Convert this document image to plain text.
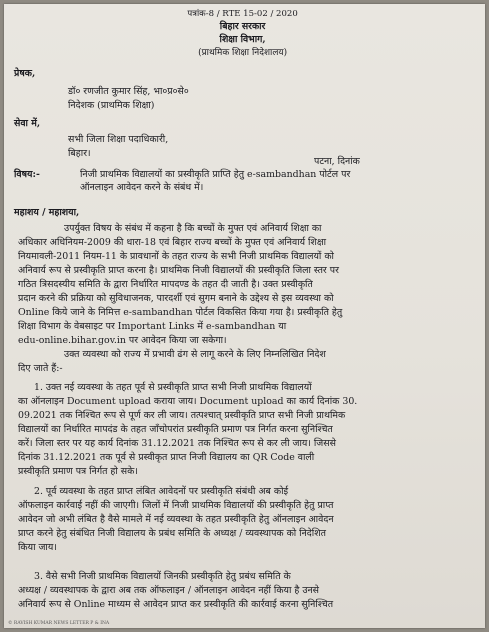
पत्रांक-8 / RTE 15-02 / 2020
बिहार सरकार
शिक्षा विभाग,
(प्राथमिक शिक्षा निदेशालय)
प्रेषक,
डॉ० रणजीत कुमार सिंह, भा०प्र०से०
निदेशक (प्राथमिक शिक्षा)
सेवा में,
सभी जिला शिक्षा पदाधिकारी,
बिहार।
पटना, दिनांक
विषय:-	निजी प्राथमिक विद्यालयों का प्रस्वीकृति प्राप्ति हेतु e-sambandhan पोर्टल पर
ऑनलाइन आवेदन करने के संबंध में।
महाशय / महाशया,
उपर्युक्त विषय के संबंध में कहना है कि बच्चों के मुफ्त एवं अनिवार्य शिक्षा का
अधिकार अधिनियम-2009 की धारा-18 एवं बिहार राज्य बच्चों के मुफ्त एवं अनिवार्य शिक्षा
नियमावली-2011 नियम-11 के प्रावधानों के तहत राज्य के सभी निजी प्राथमिक विद्यालयों को
अनिवार्य रूप से प्रस्वीकृति प्राप्त करना है। प्राथमिक निजी विद्यालयों की प्रस्वीकृति जिला स्तर पर
गठित त्रिसदस्यीय समिति के द्वारा निर्धारित मापदण्ड के तहत दी जाती है। उक्त प्रस्वीकृति
प्रदान करने की प्रक्रिया को सुविधाजनक, पारदर्शी एवं सुगम बनाने के उद्देश्य से इस व्यवस्था को
Online किये जाने के निमित्त e-sambandhan पोर्टल विकसित किया गया है। प्रस्वीकृति हेतु
शिक्षा विभाग के वेबसाइट पर Important Links में e-sambandhan या
edu-online.bihar.gov.in पर आवेदन किया जा सकेगा।
उक्त व्यवस्था को राज्य में प्रभावी ढंग से लागू करने के लिए निम्नलिखित निदेश
दिए जाते हैं:-
1. उक्त नई व्यवस्था के तहत पूर्व से प्रस्वीकृति प्राप्त सभी निजी प्राथमिक विद्यालयों
का ऑनलाइन Document upload कराया जाय। Document upload का कार्य दिनांक 30.
09.2021 तक निश्चित रूप से पूर्ण कर ली जाय। तत्पश्चात् प्रस्वीकृति प्राप्त सभी निजी प्राथमिक
विद्यालयों का निर्धारित मापदंड के तहत जाँचोपरांत प्रस्वीकृति प्रमाण पत्र निर्गत करना सुनिश्चित
करें। जिला स्तर पर यह कार्य दिनांक 31.12.2021 तक निश्चित रूप से कर ली जाय। जिससे
दिनांक 31.12.2021 तक पूर्व से प्रस्वीकृत प्राप्त निजी विद्यालय का QR Code वाली
प्रस्वीकृति प्रमाण पत्र निर्गत हो सके।
2. पूर्व व्यवस्था के तहत प्राप्त लंबित आवेदनों पर प्रस्वीकृति संबंधी अब कोई
ऑफलाइन कार्रवाई नहीं की जाएगी। जिलों में निजी प्राथमिक विद्यालयों की प्रस्वीकृति हेतु प्राप्त
आवेदन जो अभी लंबित है वैसे मामले में नई व्यवस्था के तहत प्रस्वीकृति हेतु ऑनलाइन आवेदन
प्राप्त करने हेतु संबंधित निजी विद्यालय के प्रबंध समिति के अध्यक्ष / व्यवस्थापक को निदेशित
किया जाय।
3. वैसे सभी निजी प्राथमिक विद्यालयों जिनकी प्रस्वीकृति हेतु प्रबंध समिति के
अध्यक्ष / व्यवस्थापक के द्वारा अब तक ऑफलाइन / ऑनलाइन आवेदन नहीं किया है उनसे
अनिवार्य रूप से Online माध्यम से आवेदन प्राप्त कर प्रस्वीकृति की कार्रवाई करना सुनिश्चित
© RAVISH KUMAR NEWS LETTER P & INA
